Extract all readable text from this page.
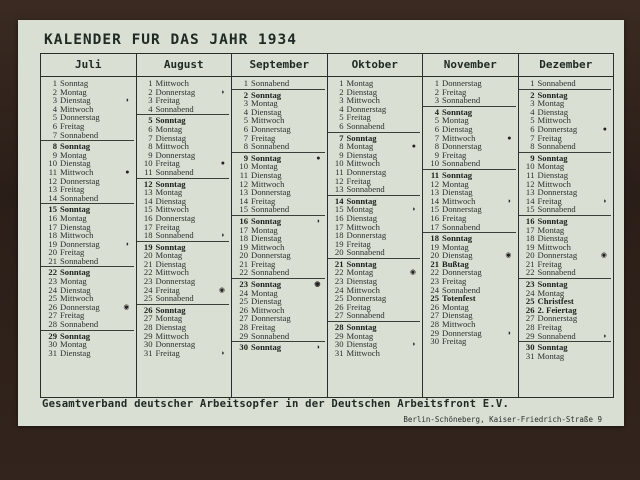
KALENDER FUR DAS JAHR 1934
Juli
1 Sonntag
2 Montag
3 Dienstag	◗
4 Mittwoch
5 Donnerstag
6 Freitag
7 Sonnabend
8 Sonntag
9 Montag
10 Dienstag
11 Mittwoch	●
12 Donnerstag
13 Freitag
14 Sonnabend
15 Sonntag
16 Montag
17 Dienstag
18 Mittwoch
19 Donnerstag	◗
20 Freitag
21 Sonnabend
22 Sonntag
23 Montag
24 Dienstag
25 Mittwoch
26 Donnerstag	◉
27 Freitag
28 Sonnabend
29 Sonntag
30 Montag
31 Dienstag
August
1 Mittwoch
2 Donnerstag	◗
3 Freitag
4 Sonnabend
5 Sonntag
6 Montag
7 Dienstag
8 Mittwoch
9 Donnerstag
10 Freitag	●
11 Sonnabend
12 Sonntag
13 Montag
14 Dienstag
15 Mittwoch
16 Donnerstag
17 Freitag
18 Sonnabend	◗
19 Sonntag
20 Montag
21 Dienstag
22 Mittwoch
23 Donnerstag
24 Freitag	◉
25 Sonnabend
26 Sonntag
27 Montag
28 Dienstag
29 Mittwoch
30 Donnerstag
31 Freitag	◗
September
1 Sonnabend
2 Sonntag
3 Montag
4 Dienstag
5 Mittwoch
6 Donnerstag
7 Freitag
8 Sonnabend
9 Sonntag	●
10 Montag
11 Dienstag
12 Mittwoch
13 Donnerstag
14 Freitag
15 Sonnabend
16 Sonntag	◗
17 Montag
18 Dienstag
19 Mittwoch
20 Donnerstag
21 Freitag
22 Sonnabend
23 Sonntag	◉
24 Montag
25 Dienstag
26 Mittwoch
27 Donnerstag
28 Freitag
29 Sonnabend
30 Sonntag	◗
Oktober
1 Montag
2 Dienstag
3 Mittwoch
4 Donnerstag
5 Freitag
6 Sonnabend
7 Sonntag
8 Montag	●
9 Dienstag
10 Mittwoch
11 Donnerstag
12 Freitag
13 Sonnabend
14 Sonntag
15 Montag	◗
16 Dienstag
17 Mittwoch
18 Donnerstag
19 Freitag
20 Sonnabend
21 Sonntag
22 Montag	◉
23 Dienstag
24 Mittwoch
25 Donnerstag
26 Freitag
27 Sonnabend
28 Sonntag
29 Montag
30 Dienstag	◗
31 Mittwoch
November
1 Donnerstag
2 Freitag
3 Sonnabend
4 Sonntag
5 Montag
6 Dienstag
7 Mittwoch	●
8 Donnerstag
9 Freitag
10 Sonnabend
11 Sonntag
12 Montag
13 Dienstag
14 Mittwoch	◗
15 Donnerstag
16 Freitag
17 Sonnabend
18 Sonntag
19 Montag
20 Dienstag	◉
21 Bußtag
22 Donnerstag
23 Freitag
24 Sonnabend
25 Totenfest
26 Montag
27 Dienstag
28 Mittwoch
29 Donnerstag	◗
30 Freitag
Dezember
1 Sonnabend
2 Sonntag
3 Montag
4 Dienstag
5 Mittwoch
6 Donnerstag	●
7 Freitag
8 Sonnabend
9 Sonntag
10 Montag
11 Dienstag
12 Mittwoch
13 Donnerstag
14 Freitag	◗
15 Sonnabend
16 Sonntag
17 Montag
18 Dienstag
19 Mittwoch
20 Donnerstag	◉
21 Freitag
22 Sonnabend
23 Sonntag
24 Montag
25 Christfest
26 2. Feiertag
27 Donnerstag
28 Freitag
29 Sonnabend	◗
30 Sonntag
31 Montag
Gesamtverband deutscher Arbeitsopfer in der Deutschen Arbeitsfront E.V.
Berlin-Schöneberg, Kaiser-Friedrich-Straße 9
